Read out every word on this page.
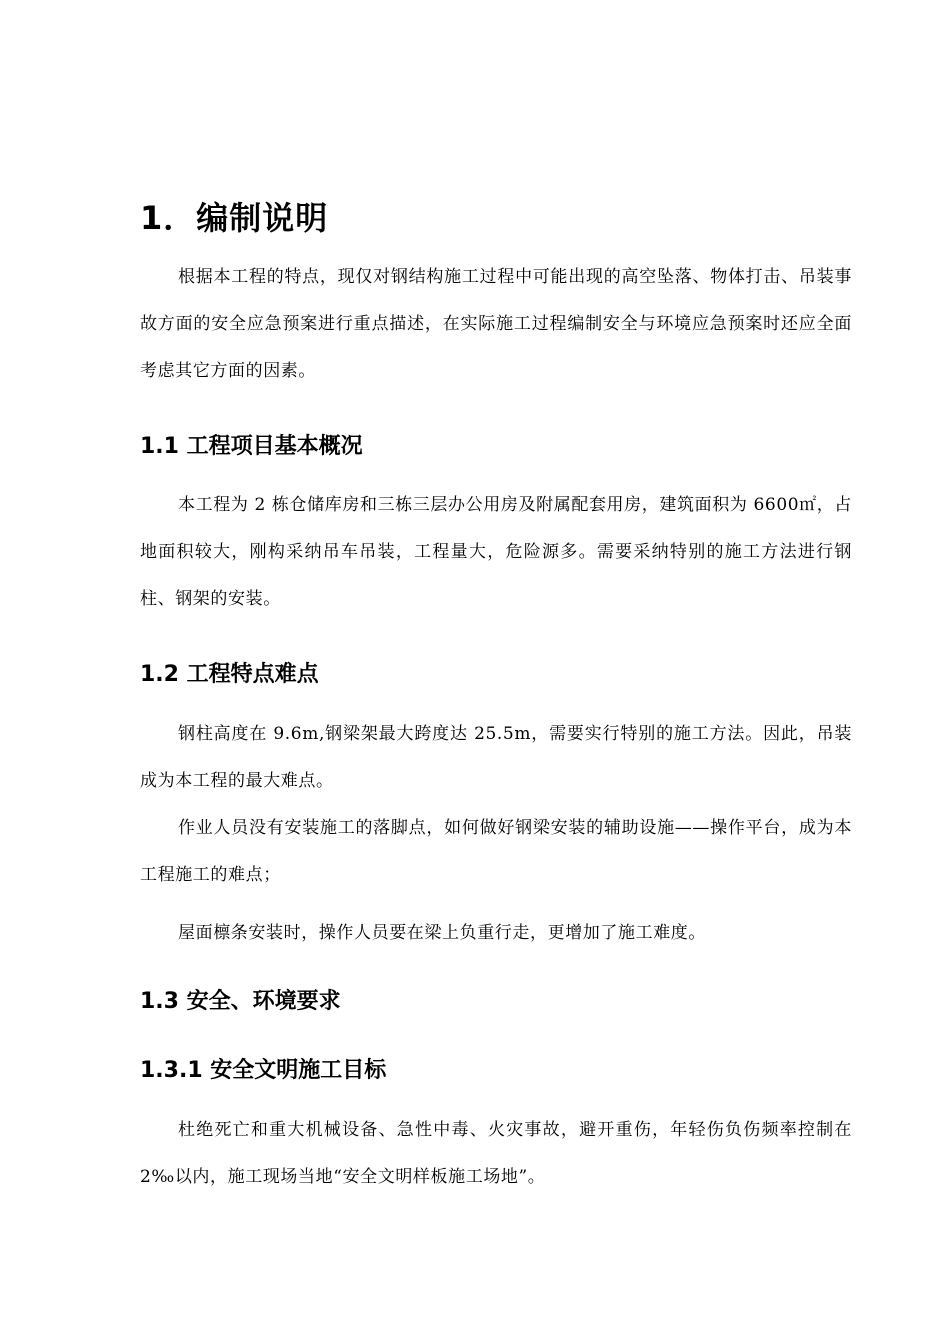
1．编制说明

根据本工程的特点，现仅对钢结构施工过程中可能出现的高空坠落、物体打击、吊装事故方面的安全应急预案进行重点描述，在实际施工过程编制安全与环境应急预案时还应全面考虑其它方面的因素。

1.1 工程项目基本概况

本工程为 2 栋仓储库房和三栋三层办公用房及附属配套用房，建筑面积为 6600㎡，占地面积较大，刚构采纳吊车吊装，工程量大，危险源多。需要采纳特别的施工方法进行钢柱、钢架的安装。

1.2 工程特点难点

钢柱高度在 9.6m,钢梁架最大跨度达 25.5m，需要实行特别的施工方法。因此，吊装成为本工程的最大难点。

作业人员没有安装施工的落脚点，如何做好钢梁安装的辅助设施——操作平台，成为本工程施工的难点；

屋面檩条安装时，操作人员要在梁上负重行走，更增加了施工难度。

1.3 安全、环境要求
1.3.1 安全文明施工目标

杜绝死亡和重大机械设备、急性中毒、火灾事故，避开重伤，年轻伤负伤频率控制在 2‰以内，施工现场当地“安全文明样板施工场地”。
